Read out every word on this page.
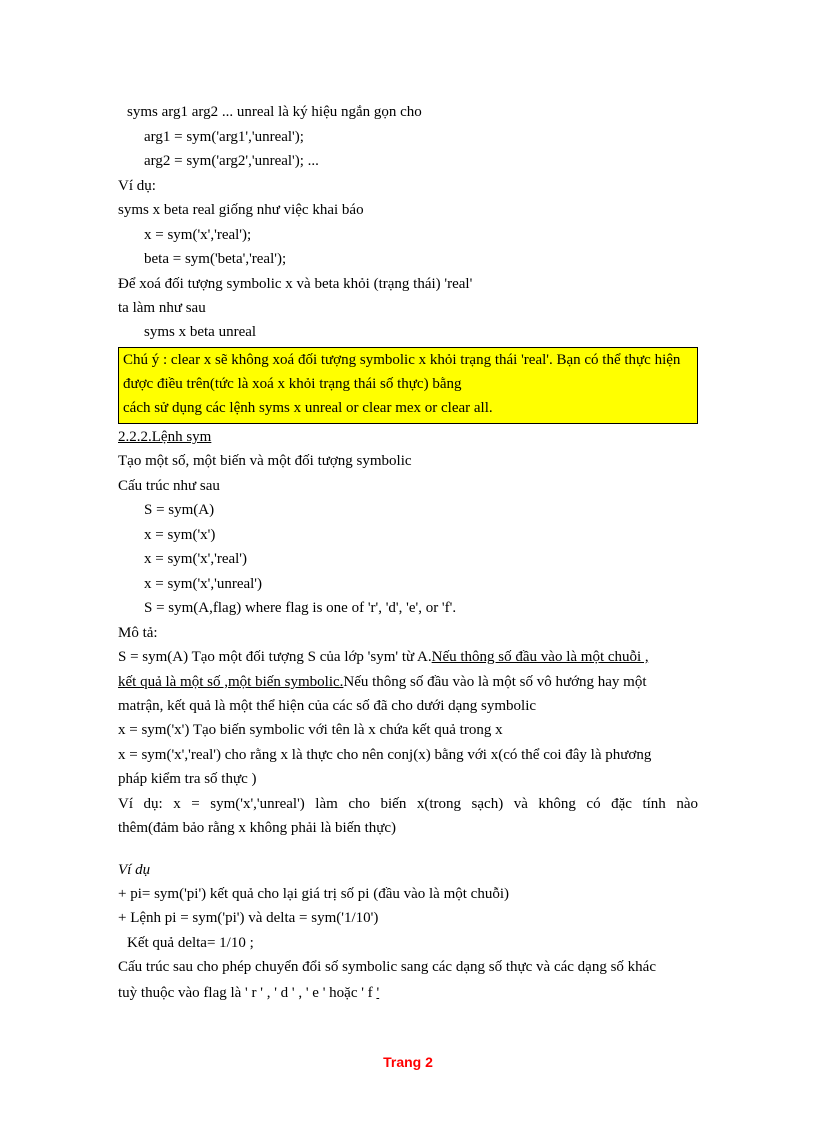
syms arg1 arg2 ... unreal là ký hiệu ngắn gọn cho
arg1 = sym('arg1','unreal');
arg2 = sym('arg2','unreal'); ...
Ví dụ:
syms x beta real giống như việc khai báo
x = sym('x','real');
beta = sym('beta','real');
Để xoá đối tượng symbolic x và beta khỏi (trạng thái) 'real'
ta làm như sau
syms x beta unreal
Chú ý : clear x sẽ không xoá đối tượng symbolic x khỏi trạng thái 'real'. Bạn có thể thực hiện
được điều trên(tức là xoá x khỏi trạng thái số thực) bằng
cách sử dụng các lệnh syms x unreal or clear mex or clear all.
2.2.2.Lệnh sym
Tạo một số, một biến và một đối tượng symbolic
Cấu trúc như sau
S = sym(A)
x = sym('x')
x = sym('x','real')
x = sym('x','unreal')
S = sym(A,flag) where flag is one of 'r', 'd', 'e', or 'f'.
Mô tả:
S = sym(A) Tạo một đối tượng S của lớp 'sym' từ A.Nếu thông số đầu vào là một chuỗi ,
kết quả là một số ,một biến symbolic.Nếu thông số đầu vào là một số vô hướng hay một
matrận, kết quả là một thể hiện của các số đã cho dưới dạng symbolic
x = sym('x') Tạo biến symbolic với tên là x chứa kết quả trong x
x = sym('x','real') cho rằng x là thực cho nên conj(x) bằng với x(có thể coi đây là phương
pháp kiểm tra số thực )
Ví dụ: x = sym('x','unreal') làm cho biến x(trong sạch) và không có đặc tính nào
thêm(đảm bảo rằng x không phải là biến thực)
Ví dụ
+ pi= sym('pi') kết quả cho lại giá trị số pi (đầu vào là một chuỗi)
+ Lệnh pi = sym('pi') và delta = sym('1/10')
Kết quả delta= 1/10 ;
Cấu trúc sau cho phép chuyển đổi số symbolic sang các dạng số thực và các dạng số khác
tuỳ thuộc vào flag là ' r ' , ' d ' , ' e ' hoặc ' f '
Trang 2
